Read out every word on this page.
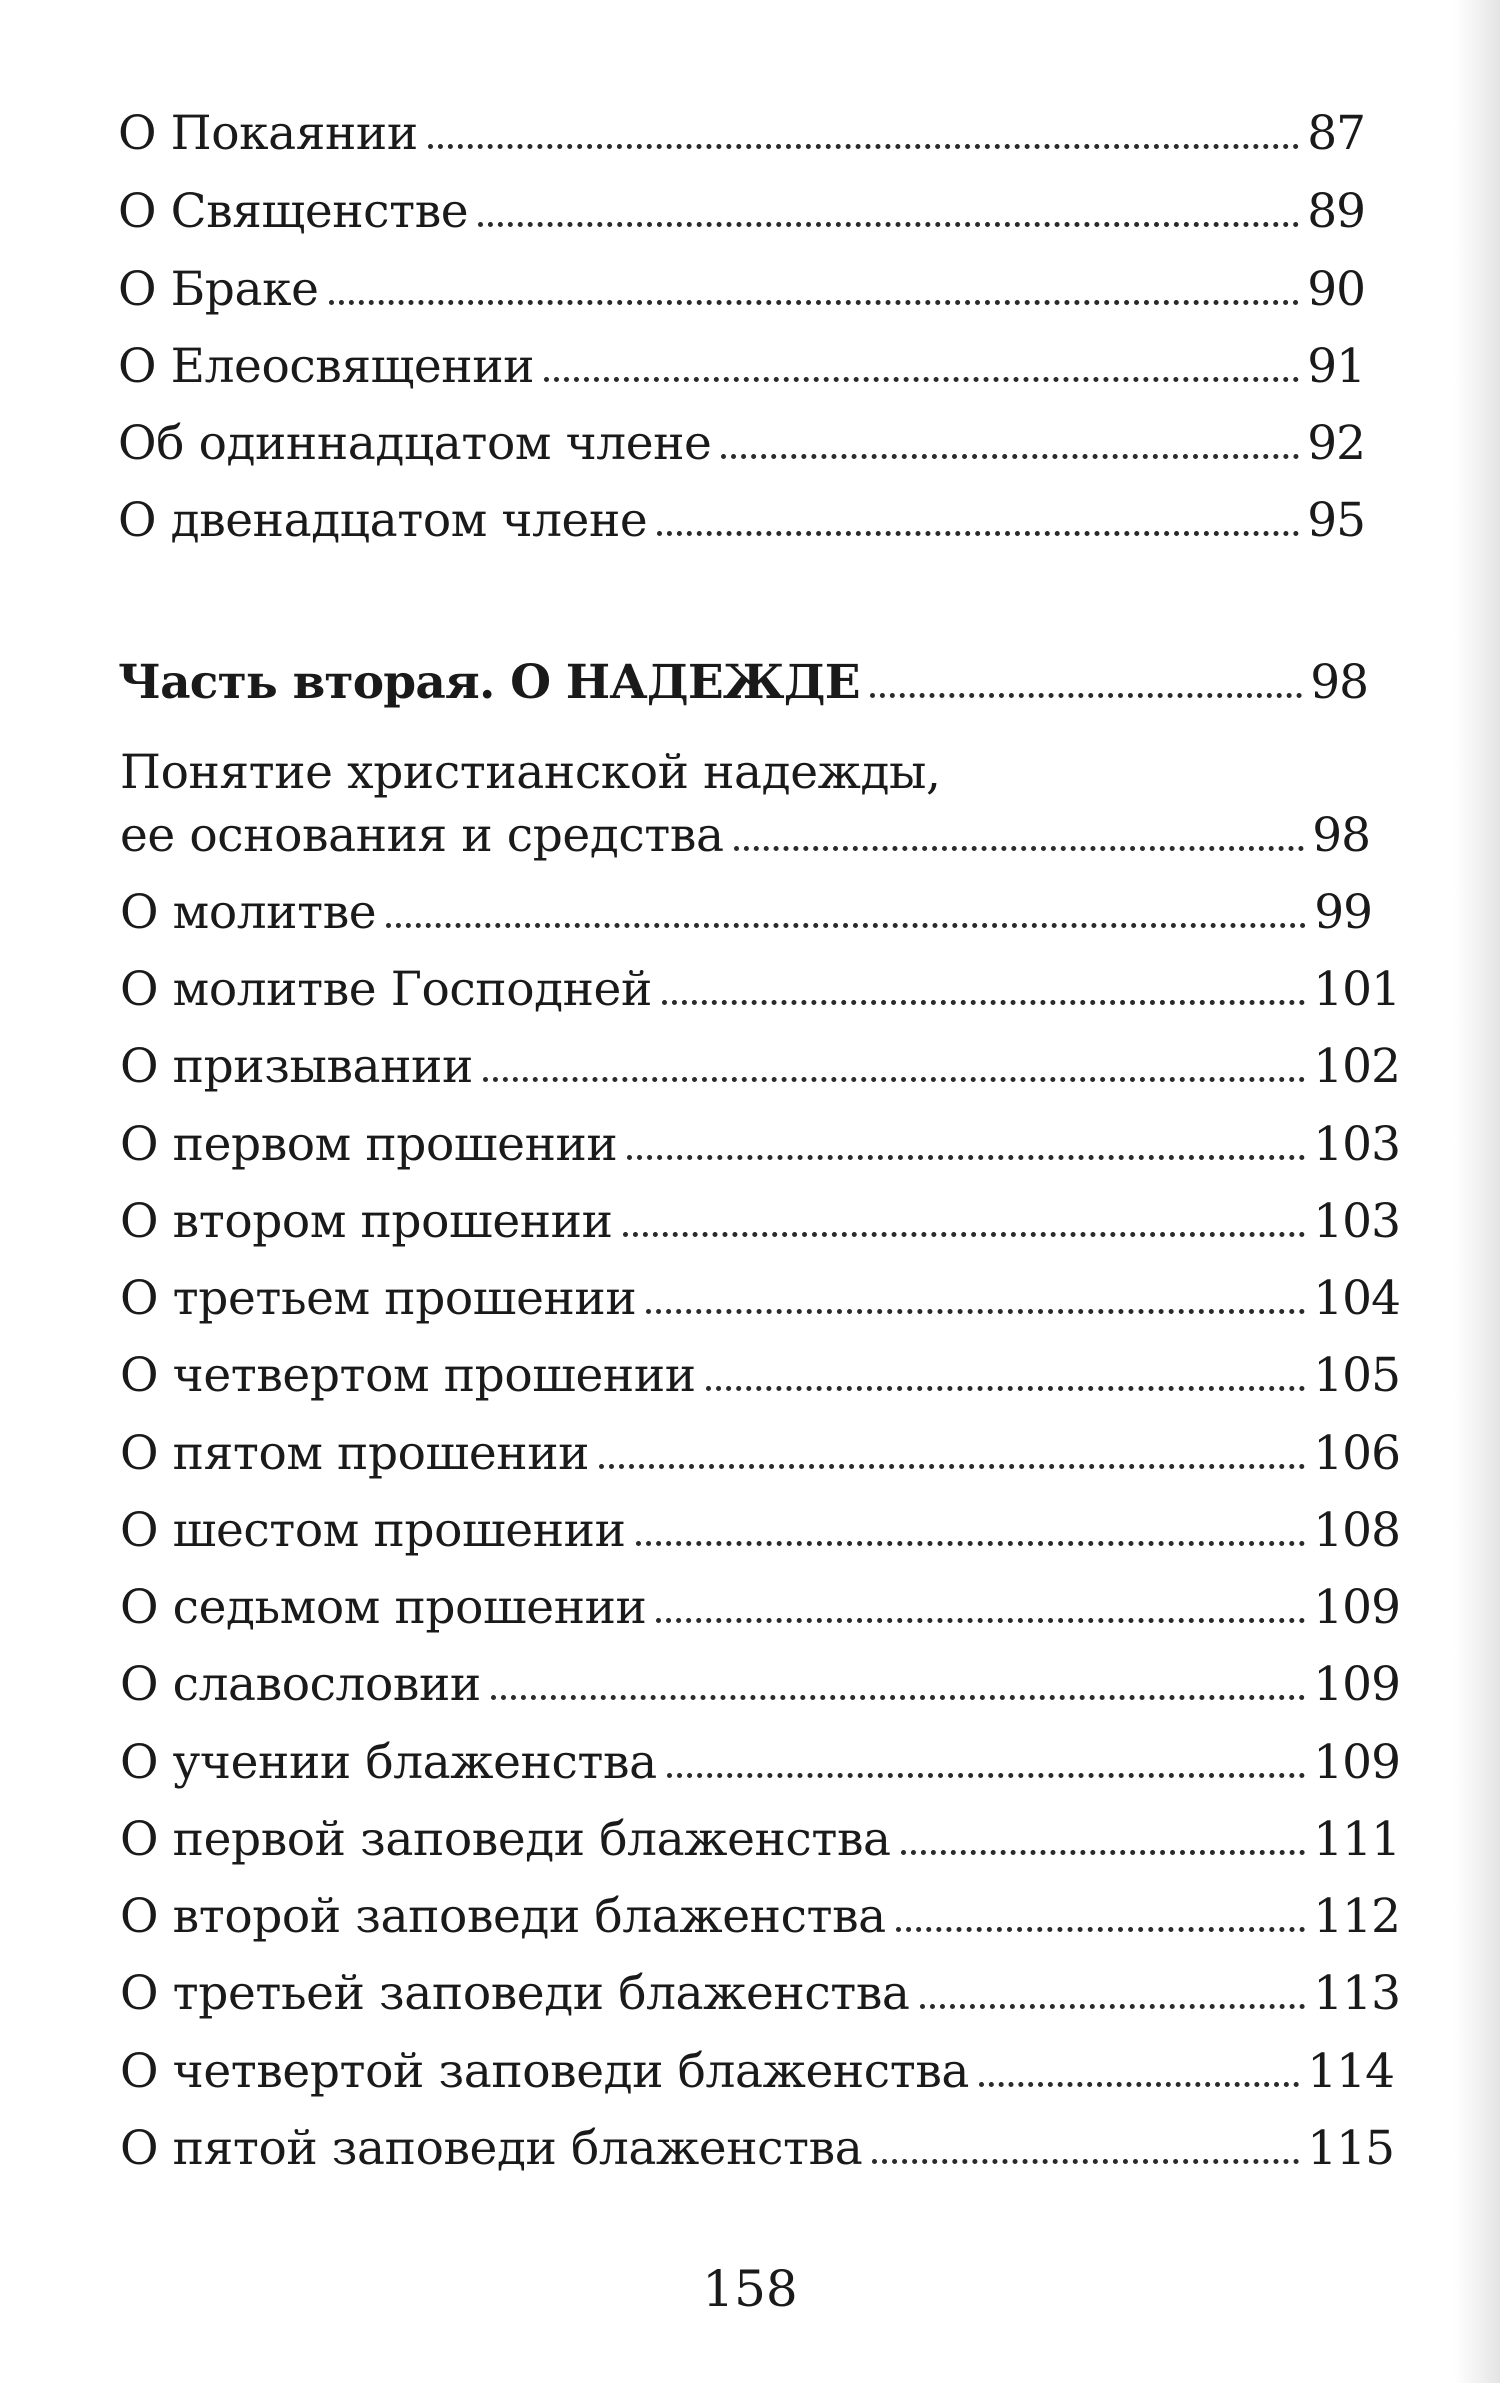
О Покаянии	87
О Священстве	89
О Браке	90
О Елеосвящении	91
Об одиннадцатом члене	92
О двенадцатом члене	95
Часть вторая. О НАДЕЖДЕ	98
Понятие христианской надежды,
ее основания и средства	98
О молитве	99
О молитве Господней	101
О призывании	102
О первом прошении	103
О втором прошении	103
О третьем прошении	104
О четвертом прошении	105
О пятом прошении	106
О шестом прошении	108
О седьмом прошении	109
О славословии	109
О учении блаженства	109
О первой заповеди блаженства	111
О второй заповеди блаженства	112
О третьей заповеди блаженства	113
О четвертой заповеди блаженства	114
О пятой заповеди блаженства	115
158
